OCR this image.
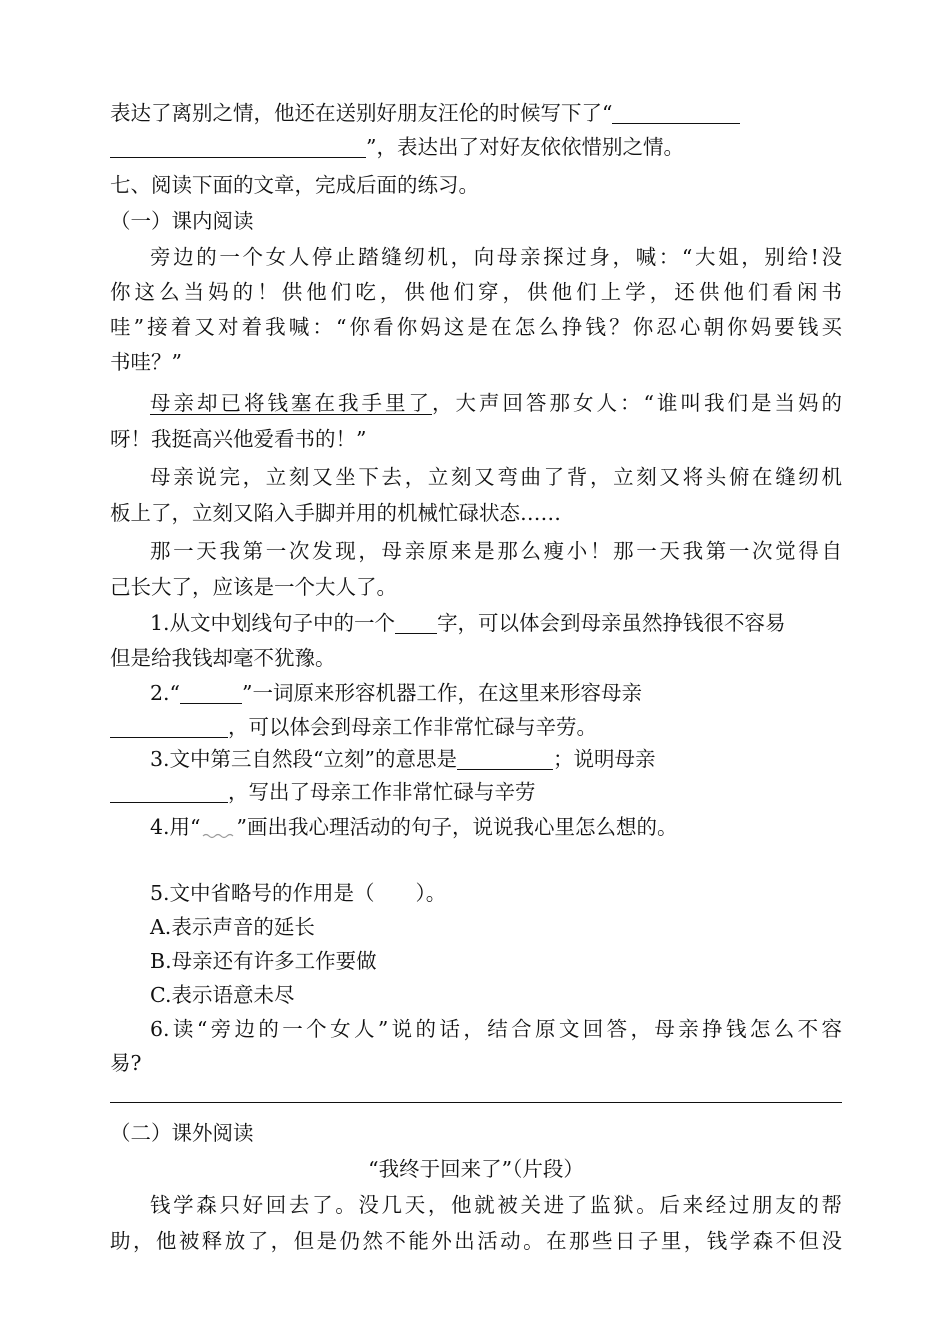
表达了离别之情，他还在送别好朋友汪伦的时候写下了“
”，表达出了对好友依依惜别之情。
七、阅读下面的文章，完成后面的练习。
（一）课内阅读
旁边的一个女人停止踏缝纫机，向母亲探过身，喊：“大姐，别给!没
你这么当妈的！供他们吃，供他们穿，供他们上学，还供他们看闲书
哇”接着又对着我喊：“你看你妈这是在怎么挣钱？你忍心朝你妈要钱买
书哇？”
母亲却已将钱塞在我手里了，大声回答那女人：“谁叫我们是当妈的
呀！我挺高兴他爱看书的！”
母亲说完，立刻又坐下去，立刻又弯曲了背，立刻又将头俯在缝纫机
板上了，立刻又陷入手脚并用的机械忙碌状态……
那一天我第一次发现，母亲原来是那么瘦小！那一天我第一次觉得自
己长大了，应该是一个大人了。
1.从文中划线句子中的一个 字，可以体会到母亲虽然挣钱很不容易
但是给我钱却毫不犹豫。
2.“	”一词原来形容机器工作，在这里来形容母亲
，可以体会到母亲工作非常忙碌与辛劳。
3.文中第三自然段“立刻”的意思是	；说明母亲
，写出了母亲工作非常忙碌与辛劳
4.用“ ”画出我心理活动的句子，说说我心里怎么想的。
5.文中省略号的作用是（　　）。
A.表示声音的延长
B.母亲还有许多工作要做
C.表示语意未尽
6.读“旁边的一个女人”说的话，结合原文回答，母亲挣钱怎么不容
易?
（二）课外阅读
“我终于回来了”（片段）
钱学森只好回去了。没几天，他就被关进了监狱。后来经过朋友的帮
助，他被释放了，但是仍然不能外出活动。在那些日子里，钱学森不但没
